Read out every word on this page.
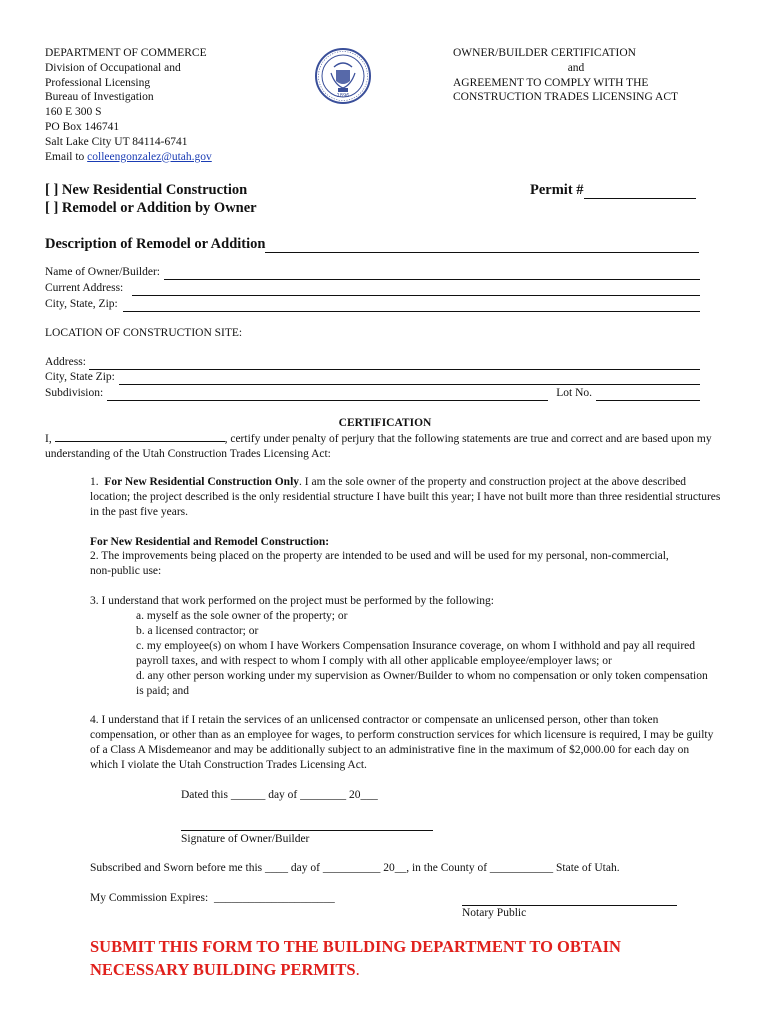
DEPARTMENT OF COMMERCE
Division of Occupational and
Professional Licensing
Bureau of Investigation
160 E 300 S
PO Box 146741
Salt Lake City UT 84114-6741
Email to colleengonzalez@utah.gov
1896
OWNER/BUILDER CERTIFICATION
and
AGREEMENT TO COMPLY WITH THE
CONSTRUCTION TRADES LICENSING ACT
[ ] New Residential Construction
[ ] Remodel or Addition by Owner
Permit #
Description of Remodel or Addition
Name of Owner/Builder:
Current Address:
City, State, Zip:
LOCATION OF CONSTRUCTION SITE:
Address:
City, State Zip:
Subdivision:	Lot No.
CERTIFICATION
I,	, certify under penalty of perjury that the following statements are true and correct and are based upon my understanding of the Utah Construction Trades Licensing Act:
1. For New Residential Construction Only. I am the sole owner of the property and construction project at the above described location; the project described is the only residential structure I have built this year; I have not built more than three residential structures in the past five years.
For New Residential and Remodel Construction:
2. The improvements being placed on the property are intended to be used and will be used for my personal, non-commercial, non-public use:
3. I understand that work performed on the project must be performed by the following:
a. myself as the sole owner of the property; or
b. a licensed contractor; or
c. my employee(s) on whom I have Workers Compensation Insurance coverage, on whom I withhold and pay all required payroll taxes, and with respect to whom I comply with all other applicable employee/employer laws; or
d. any other person working under my supervision as Owner/Builder to whom no compensation or only token compensation is paid; and
4. I understand that if I retain the services of an unlicensed contractor or compensate an unlicensed person, other than token compensation, or other than as an employee for wages, to perform construction services for which licensure is required, I may be guilty of a Class A Misdemeanor and may be additionally subject to an administrative fine in the maximum of $2,000.00 for each day on which I violate the Utah Construction Trades Licensing Act.
Dated this ______ day of ________ 20___
Signature of Owner/Builder
Subscribed and Sworn before me this ____ day of __________ 20__, in the County of ___________ State of Utah.
My Commission Expires: _____________________
Notary Public
SUBMIT THIS FORM TO THE BUILDING DEPARTMENT TO OBTAIN
NECESSARY BUILDING PERMITS.
